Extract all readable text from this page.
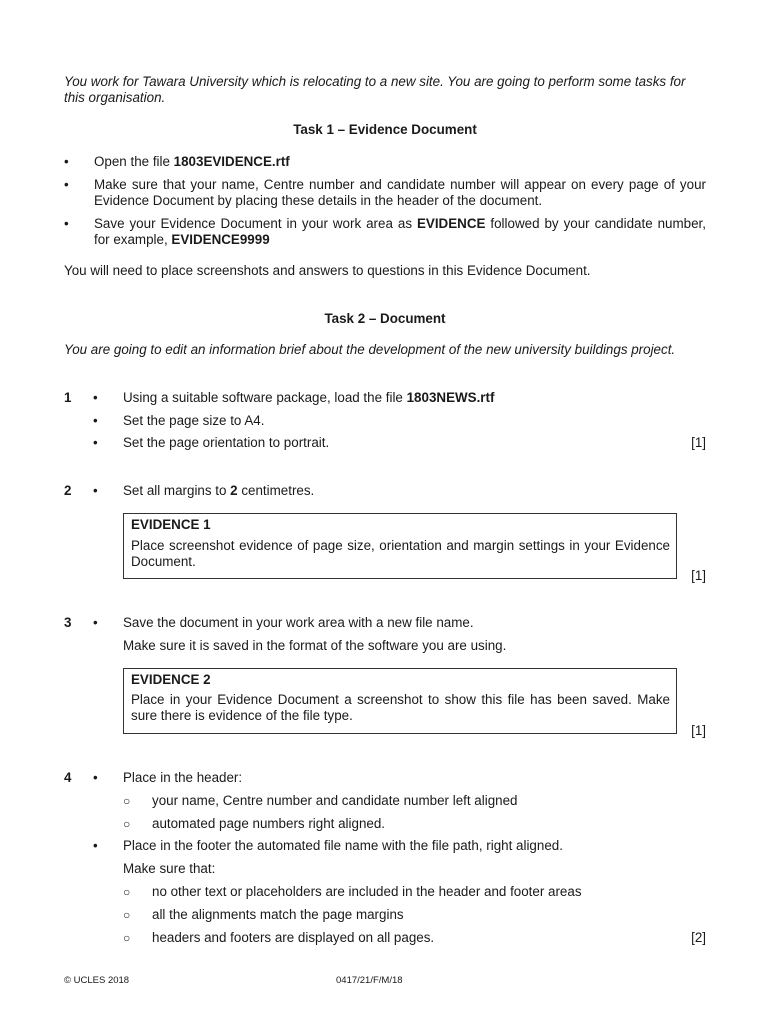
You work for Tawara University which is relocating to a new site. You are going to perform some tasks for this organisation.
Task 1 – Evidence Document
• Open the file 1803EVIDENCE.rtf
• Make sure that your name, Centre number and candidate number will appear on every page of your Evidence Document by placing these details in the header of the document.
• Save your Evidence Document in your work area as EVIDENCE followed by your candidate number, for example, EVIDENCE9999
You will need to place screenshots and answers to questions in this Evidence Document.
Task 2 – Document
You are going to edit an information brief about the development of the new university buildings project.
1 • Using a suitable software package, load the file 1803NEWS.rtf
• Set the page size to A4.
• Set the page orientation to portrait.	[1]
2 • Set all margins to 2 centimetres.
EVIDENCE 1
Place screenshot evidence of page size, orientation and margin settings in your Evidence Document.
[1]
3 • Save the document in your work area with a new file name.
Make sure it is saved in the format of the software you are using.
EVIDENCE 2
Place in your Evidence Document a screenshot to show this file has been saved. Make sure there is evidence of the file type.
[1]
4 • Place in the header:
○ your name, Centre number and candidate number left aligned
○ automated page numbers right aligned.
• Place in the footer the automated file name with the file path, right aligned.
Make sure that:
○ no other text or placeholders are included in the header and footer areas
○ all the alignments match the page margins
○ headers and footers are displayed on all pages.	[2]
© UCLES 2018	0417/21/F/M/18
